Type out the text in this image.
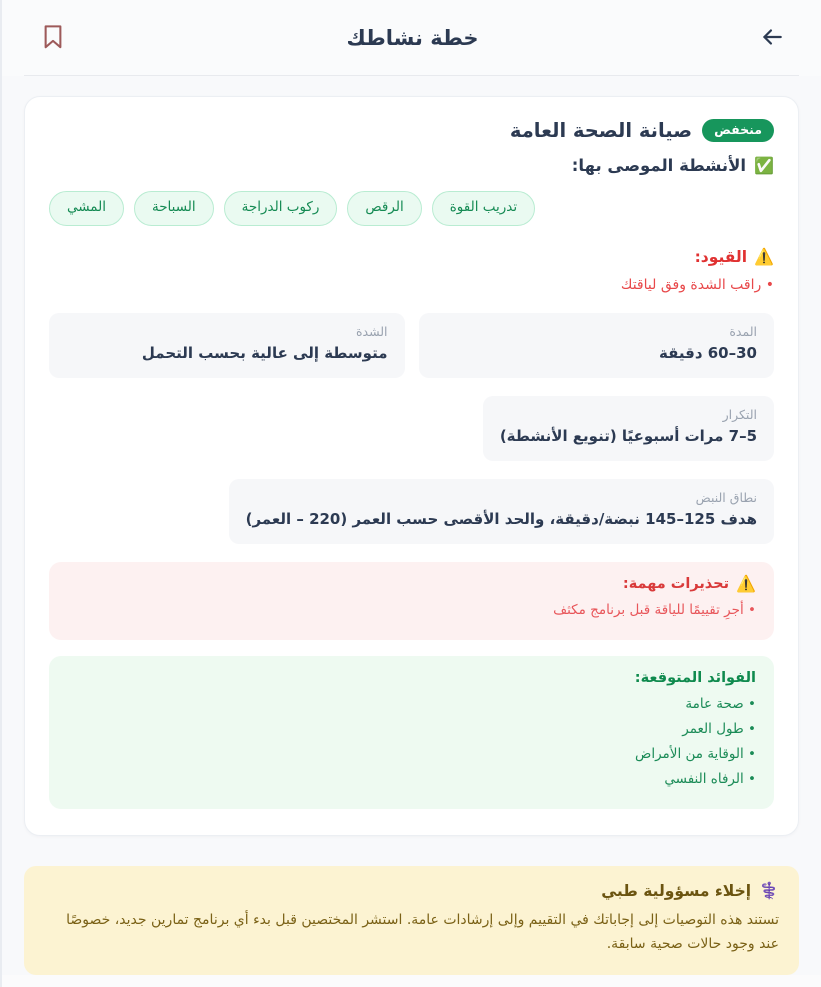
خطة نشاطك
منخفض
صيانة الصحة العامة
✅
الأنشطة الموصى بها:
تدريب القوة
الرقص
ركوب الدراجة
السباحة
المشي
⚠️
القيود:
• راقب الشدة وفق لياقتك
المدة
30–60 دقيقة
الشدة
متوسطة إلى عالية بحسب التحمل
التكرار
5–7 مرات أسبوعيًا (تنويع الأنشطة)
نطاق النبض
هدف 125–145 نبضة/دقيقة، والحد الأقصى حسب العمر (220 – العمر)
⚠️
تحذيرات مهمة:
• أجرِ تقييمًا للياقة قبل برنامج مكثف
الفوائد المتوقعة:
• صحة عامة
• طول العمر
• الوقاية من الأمراض
• الرفاه النفسي
⚕️
إخلاء مسؤولية طبي
تستند هذه التوصيات إلى إجاباتك في التقييم وإلى إرشادات عامة. استشر المختصين قبل بدء أي برنامج تمارين جديد، خصوصًا عند وجود حالات صحية سابقة.
